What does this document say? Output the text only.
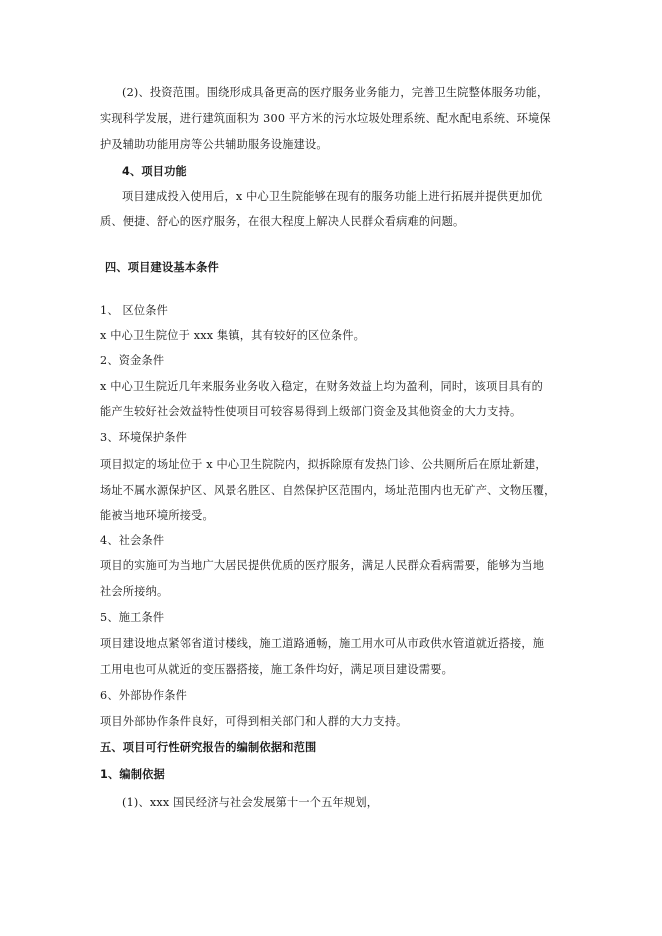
(2)、投资范围。围绕形成具备更高的医疗服务业务能力，完善卫生院整体服务功能，
实现科学发展，进行建筑面积为 300 平方米的污水垃圾处理系统、配水配电系统、环境保
护及辅助功能用房等公共辅助服务设施建设。
4、项目功能
项目建成投入使用后，x 中心卫生院能够在现有的服务功能上进行拓展并提供更加优
质、便捷、舒心的医疗服务，在很大程度上解决人民群众看病难的问题。
四、项目建设基本条件
1、 区位条件
x 中心卫生院位于 xxx 集镇，其有较好的区位条件。
2、资金条件
x 中心卫生院近几年来服务业务收入稳定，在财务效益上均为盈利，同时，该项目具有的
能产生较好社会效益特性使项目可较容易得到上级部门资金及其他资金的大力支持。
3、环境保护条件
项目拟定的场址位于 x 中心卫生院院内，拟拆除原有发热门诊、公共厕所后在原址新建，
场址不属水源保护区、风景名胜区、自然保护区范围内，场址范围内也无矿产、文物压覆，
能被当地环境所接受。
4、社会条件
项目的实施可为当地广大居民提供优质的医疗服务，满足人民群众看病需要，能够为当地
社会所接纳。
5、施工条件
项目建设地点紧邻省道讨楼线，施工道路通畅，施工用水可从市政供水管道就近搭接，施
工用电也可从就近的变压器搭接，施工条件均好，满足项目建设需要。
6、外部协作条件
项目外部协作条件良好，可得到相关部门和人群的大力支持。
五、项目可行性研究报告的编制依据和范围
1、编制依据
(1)、xxx 国民经济与社会发展第十一个五年规划，
